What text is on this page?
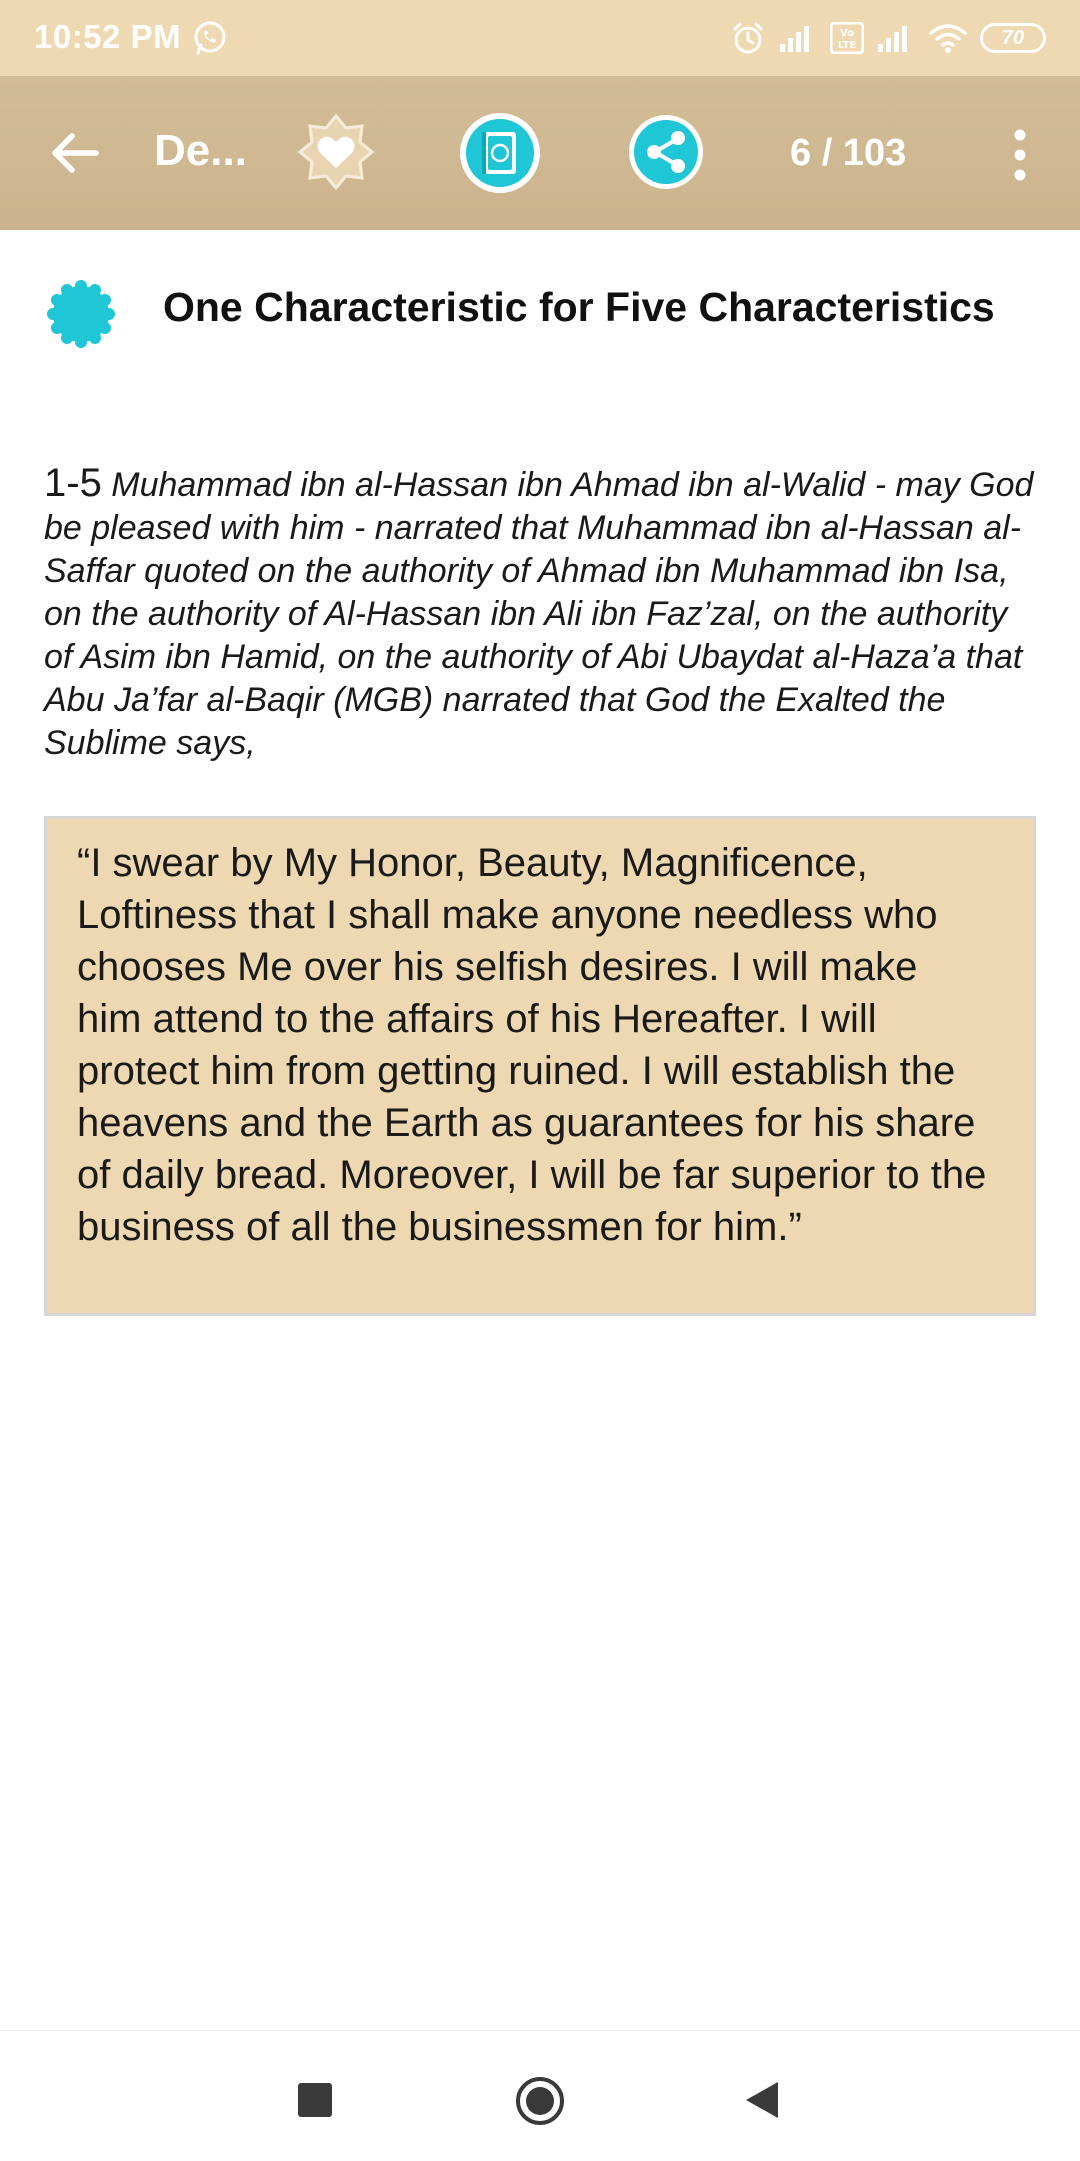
10:52 PM	Vo
LTE	70
De...	6 / 103
One Characteristic for Five Characteristics
1-5 Muhammad ibn al-Hassan ibn Ahmad ibn al-Walid - may God be pleased with him - narrated that Muhammad ibn al-Hassan al-Saffar quoted on the authority of Ahmad ibn Muhammad ibn Isa, on the authority of Al-Hassan ibn Ali ibn Faz’zal, on the authority of Asim ibn Hamid, on the authority of Abi Ubaydat al-Haza’a that Abu Ja’far al-Baqir (MGB) narrated that God the Exalted the Sublime says,
“I swear by My Honor, Beauty, Magnificence, Loftiness that I shall make anyone needless who chooses Me over his selfish desires. I will make him attend to the affairs of his Hereafter. I will protect him from getting ruined. I will establish the heavens and the Earth as guarantees for his share of daily bread. Moreover, I will be far superior to the business of all the businessmen for him.”
